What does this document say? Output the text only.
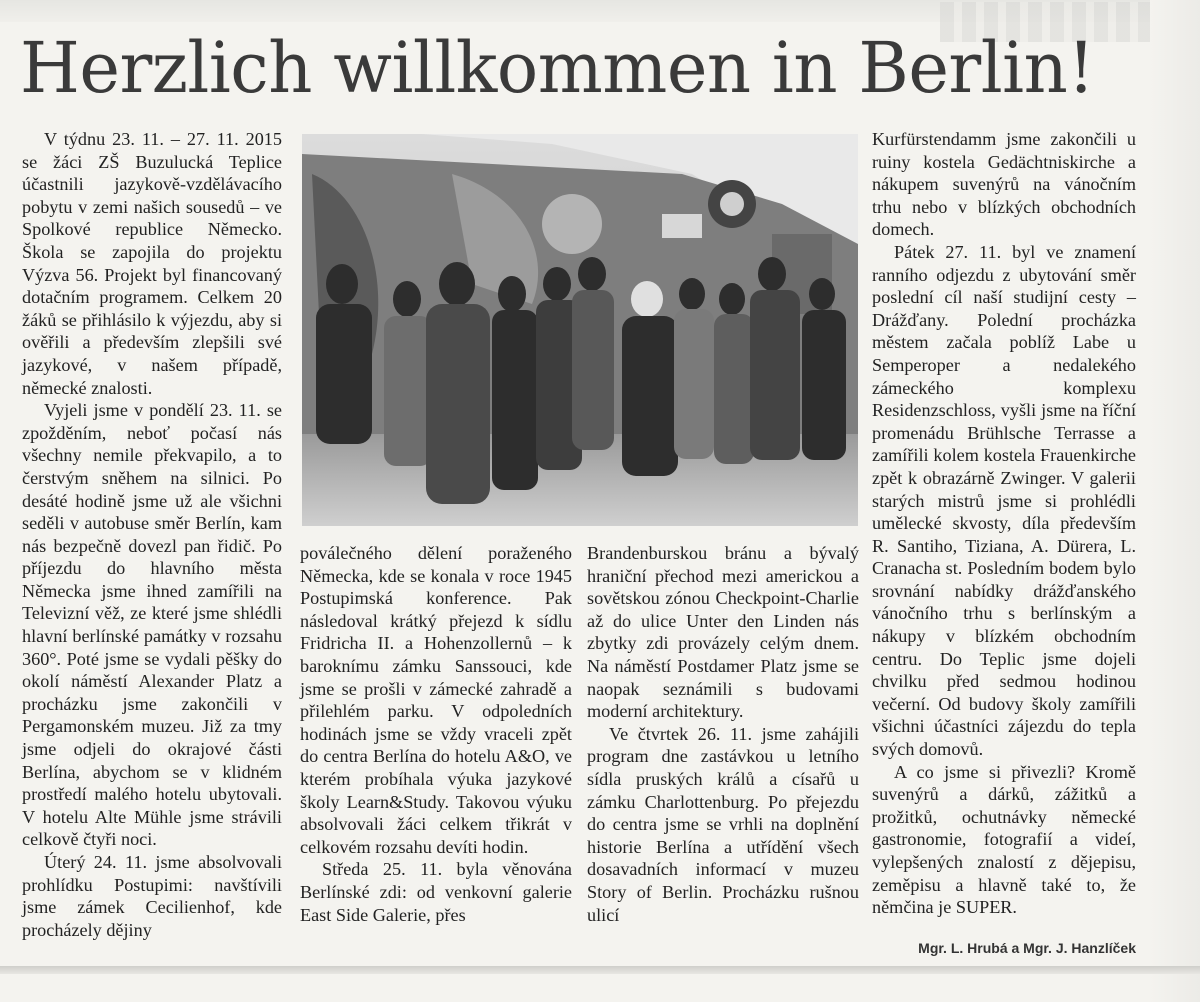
Herzlich willkommen in Berlin!

V týdnu 23. 11. – 27. 11. 2015 se žáci ZŠ Buzulucká Teplice účastnili jazykově-vzdělávacího pobytu v zemi našich sousedů – ve Spolkové republice Německo. Škola se zapojila do projektu Výzva 56. Projekt byl financovaný dotačním programem. Celkem 20 žáků se přihlásilo k výjezdu, aby si ověřili a především zlepšili své jazykové, v našem případě, německé znalosti.

Vyjeli jsme v pondělí 23. 11. se zpožděním, neboť počasí nás všechny nemile překvapilo, a to čerstvým sněhem na silnici. Po desáté hodině jsme už ale všichni seděli v autobuse směr Berlín, kam nás bezpečně dovezl pan řidič. Po příjezdu do hlavního města Německa jsme ihned zamířili na Televizní věž, ze které jsme shlédli hlavní berlínské památky v rozsahu 360°. Poté jsme se vydali pěšky do okolí náměstí Alexander Platz a procházku jsme zakončili v Pergamonském muzeu. Již za tmy jsme odjeli do okrajové části Berlína, abychom se v klidném prostředí malého hotelu ubytovali. V hotelu Alte Mühle jsme strávili celkově čtyři noci.

Úterý 24. 11. jsme absolvovali prohlídku Postupimi: navštívili jsme zámek Cecilienhof, kde procházely dějiny

poválečného dělení poraženého Německa, kde se konala v roce 1945 Postupimská konference. Pak následoval krátký přejezd k sídlu Fridricha II. a Hohenzollernů – k baroknímu zámku Sanssouci, kde jsme se prošli v zámecké zahradě a přilehlém parku. V odpoledních hodinách jsme se vždy vraceli zpět do centra Berlína do hotelu A&O, ve kterém probíhala výuka jazykové školy Learn&Study. Takovou výuku absolvovali žáci celkem třikrát v celkovém rozsahu devíti hodin.

Středa 25. 11. byla věnována Berlínské zdi: od venkovní galerie East Side Galerie, přes

Brandenburskou bránu a bývalý hraniční přechod mezi americkou a sovětskou zónou Checkpoint-Charlie až do ulice Unter den Linden nás zbytky zdi provázely celým dnem. Na náměstí Postdamer Platz jsme se naopak seznámili s budovami moderní architektury.

Ve čtvrtek 26. 11. jsme zahájili program dne zastávkou u letního sídla pruských králů a císařů u zámku Charlottenburg. Po přejezdu do centra jsme se vrhli na doplnění historie Berlína a utřídění všech dosavadních informací v muzeu Story of Berlin. Procházku rušnou ulicí

Kurfürstendamm jsme zakončili u ruiny kostela Gedächtniskirche a nákupem suvenýrů na vánočním trhu nebo v blízkých obchodních domech.

Pátek 27. 11. byl ve znamení ranního odjezdu z ubytování směr poslední cíl naší studijní cesty – Drážďany. Polední procházka městem začala poblíž Labe u Semperoper a nedalekého zámeckého komplexu Residenzschloss, vyšli jsme na říční promenádu Brühlsche Terrasse a zamířili kolem kostela Frauenkirche zpět k obrazárně Zwinger. V galerii starých mistrů jsme si prohlédli umělecké skvosty, díla především R. Santiho, Tiziana, A. Dürera, L. Cranacha st. Posledním bodem bylo srovnání nabídky drážďanského vánočního trhu s berlínským a nákupy v blízkém obchodním centru. Do Teplic jsme dojeli chvilku před sedmou hodinou večerní. Od budovy školy zamířili všichni účastníci zájezdu do tepla svých domovů.

A co jsme si přivezli? Kromě suvenýrů a dárků, zážitků a prožitků, ochutnávky německé gastronomie, fotografií a videí, vylepšených znalostí z dějepisu, zeměpisu a hlavně také to, že němčina je SUPER.

Mgr. L. Hrubá a Mgr. J. Hanzlíček
